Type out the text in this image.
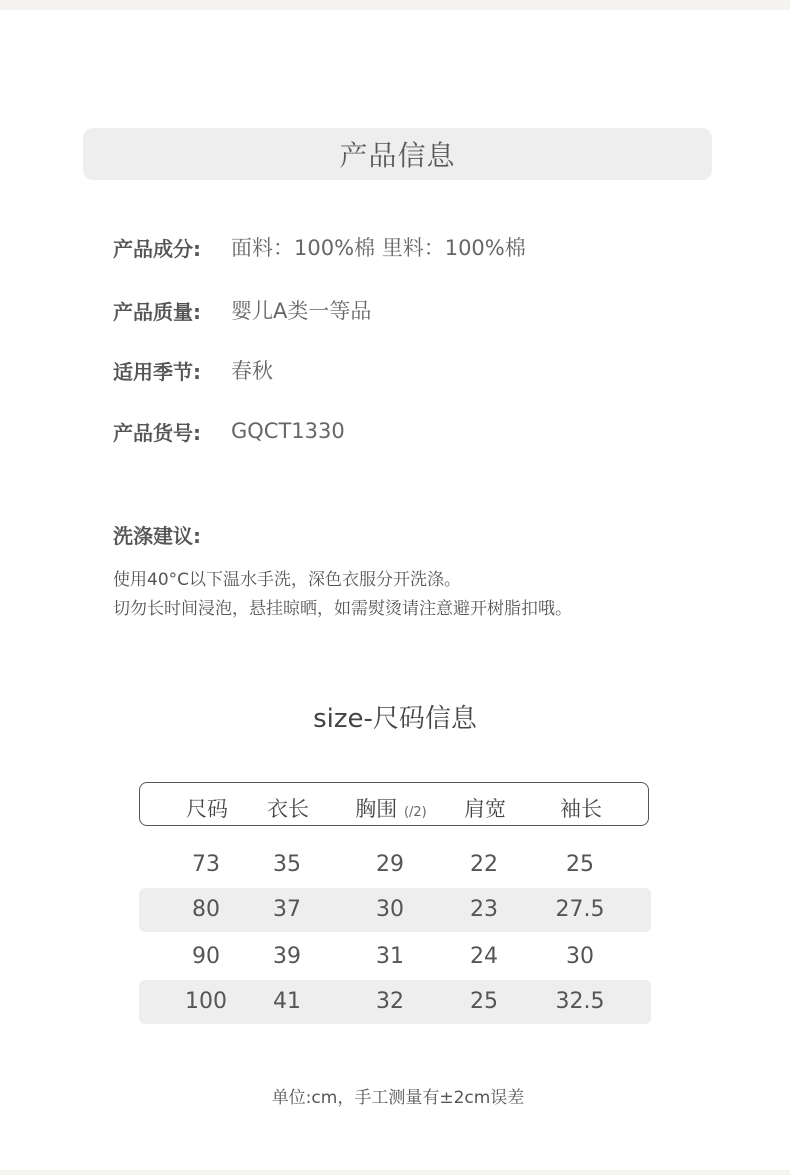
产品信息
产品成分:	面料：100%棉 里料：100%棉
产品质量:	婴儿A类一等品
适用季节:	春秋
产品货号:	GQCT1330
洗涤建议:
使用40°C以下温水手洗，深色衣服分开洗涤。
切勿长时间浸泡，悬挂晾晒，如需熨烫请注意避开树脂扣哦。
size-尺码信息
尺码	衣长	胸围 (/2)	肩宽	袖长
73	35	29	22	25
80	37	30	23	27.5
90	39	31	24	30
100	41	32	25	32.5
单位:cm，手工测量有±2cm误差
